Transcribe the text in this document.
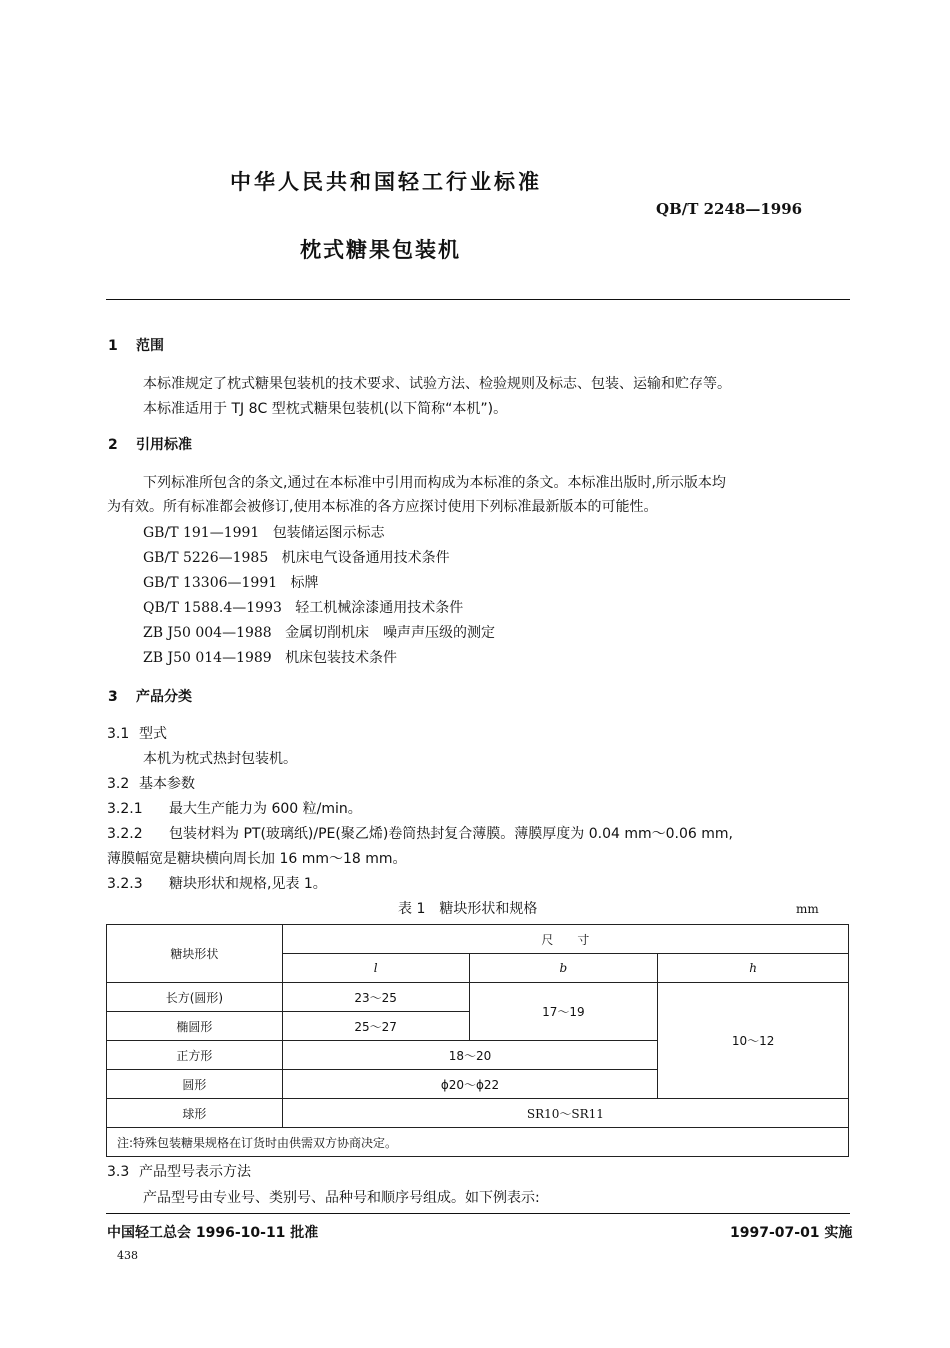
中华人民共和国轻工行业标准
QB/T 2248—1996
枕式糖果包装机
1 范围
本标准规定了枕式糖果包装机的技术要求、试验方法、检验规则及标志、包装、运输和贮存等。
本标准适用于 TJ 8C 型枕式糖果包装机(以下简称“本机”)。
2 引用标准
下列标准所包含的条文,通过在本标准中引用而构成为本标准的条文。本标准出版时,所示版本均
为有效。所有标准都会被修订,使用本标准的各方应探讨使用下列标准最新版本的可能性。
GB/T 191—1991 包装储运图示标志
GB/T 5226—1985 机床电气设备通用技术条件
GB/T 13306—1991 标牌
QB/T 1588.4—1993 轻工机械涂漆通用技术条件
ZB J50 004—1988 金属切削机床　噪声声压级的测定
ZB J50 014—1989 机床包装技术条件
3 产品分类
3.1 型式
本机为枕式热封包装机。
3.2 基本参数
3.2.1 最大生产能力为 600 粒/min。
3.2.2 包装材料为 PT(玻璃纸)/PE(聚乙烯)卷筒热封复合薄膜。薄膜厚度为 0.04 mm～0.06 mm,
薄膜幅宽是糖块横向周长加 16 mm～18 mm。
3.2.3 糖块形状和规格,见表 1。
表 1　糖块形状和规格	mm
糖块形状	尺　　寸		
	l	b	h
长方(圆形)	23～25	17～19	10～12
椭圆形	25～27		
正方形	18～20		
圆形	ϕ20～ϕ22		
球形	SR10～SR11		
注:特殊包装糖果规格在订货时由供需双方协商决定。			
3.3 产品型号表示方法
产品型号由专业号、类别号、品种号和顺序号组成。如下例表示:
中国轻工总会 1996-10-11 批准	1997-07-01 实施
438
